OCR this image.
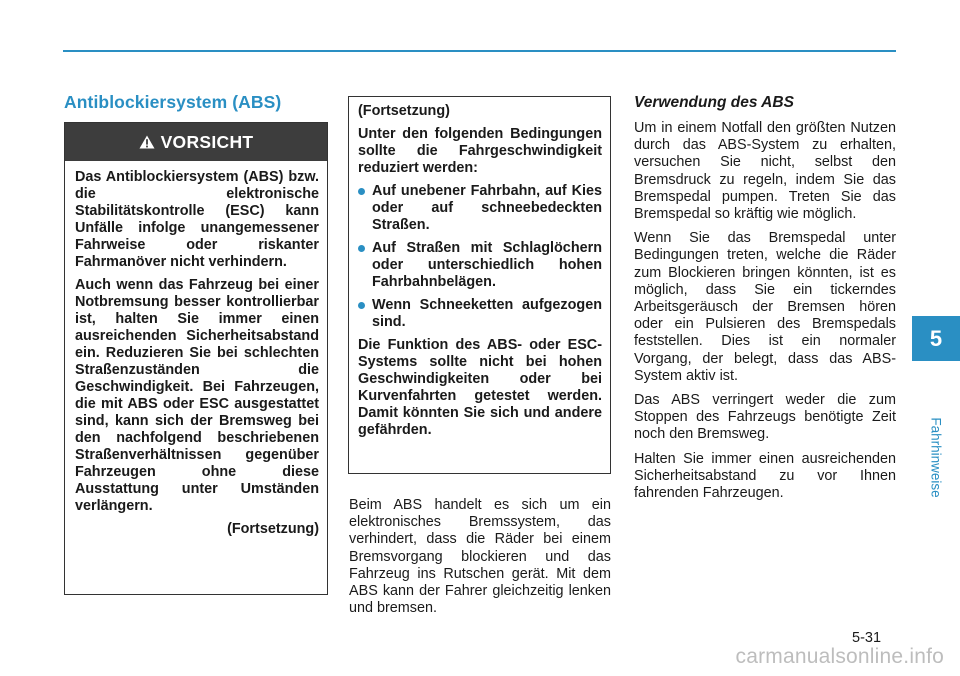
Antiblockiersystem (ABS)
VORSICHT

Das Antiblockiersystem (ABS) bzw. die elektronische Stabilitätskontrolle (ESC) kann Unfälle infolge unangemessener Fahrweise oder riskanter Fahrmanöver nicht verhindern.

Auch wenn das Fahrzeug bei einer Notbremsung besser kontrollierbar ist, halten Sie immer einen ausreichenden Sicherheitsabstand ein. Reduzieren Sie bei schlechten Straßenzuständen die Geschwindigkeit. Bei Fahrzeugen, die mit ABS oder ESC ausgestattet sind, kann sich der Bremsweg bei den nachfolgend beschriebenen Straßenverhältnissen gegenüber Fahrzeugen ohne diese Ausstattung unter Umständen verlängern.

(Fortsetzung)

(Fortsetzung)

Unter den folgenden Bedingungen sollte die Fahrgeschwindigkeit reduziert werden:

Auf unebener Fahrbahn, auf Kies oder auf schneebedeckten Straßen.
Auf Straßen mit Schlaglöchern oder unterschiedlich hohen Fahrbahnbelägen.
Wenn Schneeketten aufgezogen sind.

Die Funktion des ABS- oder ESC-Systems sollte nicht bei hohen Geschwindigkeiten oder bei Kurvenfahrten getestet werden. Damit könnten Sie sich und andere gefährden.

Beim ABS handelt es sich um ein elektronisches Bremssystem, das verhindert, dass die Räder bei einem Bremsvorgang blockieren und das Fahrzeug ins Rutschen gerät. Mit dem ABS kann der Fahrer gleichzeitig lenken und bremsen.

Verwendung des ABS

Um in einem Notfall den größten Nutzen durch das ABS-System zu erhalten, versuchen Sie nicht, selbst den Bremsdruck zu regeln, indem Sie das Bremspedal pumpen. Treten Sie das Bremspedal so kräftig wie möglich.

Wenn Sie das Bremspedal unter Bedingungen treten, welche die Räder zum Blockieren bringen könnten, ist es möglich, dass Sie ein tickerndes Arbeitsgeräusch der Bremsen hören oder ein Pulsieren des Bremspedals feststellen. Dies ist ein normaler Vorgang, der belegt, dass das ABS-System aktiv ist.

Das ABS verringert weder die zum Stoppen des Fahrzeugs benötigte Zeit noch den Bremsweg.

Halten Sie immer einen ausreichenden Sicherheitsabstand zu vor Ihnen fahrenden Fahrzeugen.

5
Fahrhinweise
5-31
carmanualsonline.info
